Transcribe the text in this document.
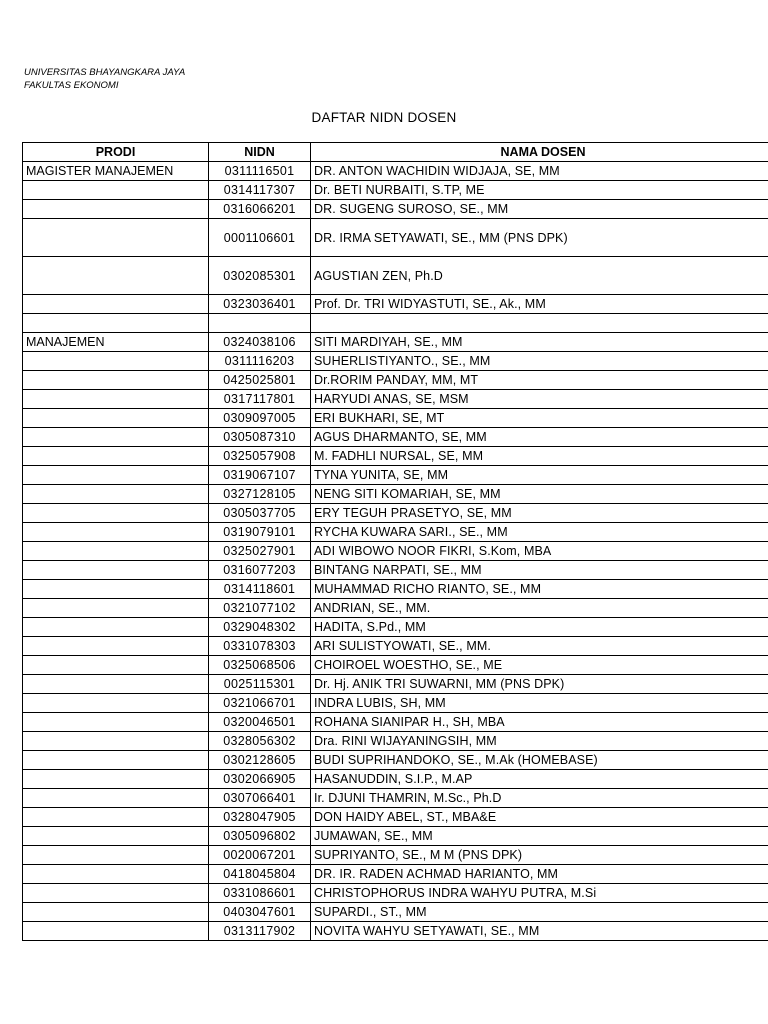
UNIVERSITAS BHAYANGKARA JAYA
FAKULTAS EKONOMI
DAFTAR NIDN DOSEN
PRODI	NIDN	NAMA DOSEN
MAGISTER MANAJEMEN	0311116501	DR. ANTON WACHIDIN WIDJAJA, SE, MM
	0314117307	Dr. BETI NURBAITI, S.TP, ME
	0316066201	DR. SUGENG SUROSO, SE., MM
	0001106601	DR. IRMA SETYAWATI, SE., MM (PNS DPK)
	0302085301	AGUSTIAN ZEN, Ph.D
	0323036401	Prof. Dr. TRI WIDYASTUTI, SE., Ak., MM

MANAJEMEN	0324038106	SITI MARDIYAH, SE., MM
	0311116203	SUHERLISTIYANTO., SE., MM
	0425025801	Dr.RORIM PANDAY, MM, MT
	0317117801	HARYUDI ANAS, SE, MSM
	0309097005	ERI BUKHARI, SE, MT
	0305087310	AGUS DHARMANTO, SE, MM
	0325057908	M. FADHLI NURSAL, SE, MM
	0319067107	TYNA YUNITA, SE, MM
	0327128105	NENG SITI KOMARIAH, SE, MM
	0305037705	ERY TEGUH PRASETYO, SE, MM
	0319079101	RYCHA KUWARA SARI., SE., MM
	0325027901	ADI WIBOWO NOOR FIKRI, S.Kom, MBA
	0316077203	BINTANG NARPATI, SE., MM
	0314118601	MUHAMMAD RICHO RIANTO, SE., MM
	0321077102	ANDRIAN, SE., MM.
	0329048302	HADITA, S.Pd., MM
	0331078303	ARI SULISTYOWATI, SE., MM.
	0325068506	CHOIROEL WOESTHO, SE., ME
	0025115301	Dr. Hj. ANIK TRI SUWARNI, MM (PNS DPK)
	0321066701	INDRA LUBIS, SH, MM
	0320046501	ROHANA SIANIPAR H., SH, MBA
	0328056302	Dra. RINI WIJAYANINGSIH, MM
	0302128605	BUDI SUPRIHANDOKO, SE., M.Ak (HOMEBASE)
	0302066905	HASANUDDIN, S.I.P., M.AP
	0307066401	Ir. DJUNI THAMRIN, M.Sc., Ph.D
	0328047905	DON HAIDY ABEL, ST., MBA&E
	0305096802	JUMAWAN, SE., MM
	0020067201	SUPRIYANTO, SE., M M (PNS DPK)
	0418045804	DR. IR. RADEN ACHMAD HARIANTO, MM
	0331086601	CHRISTOPHORUS INDRA WAHYU PUTRA, M.Si
	0403047601	SUPARDI., ST., MM
	0313117902	NOVITA WAHYU SETYAWATI, SE., MM
